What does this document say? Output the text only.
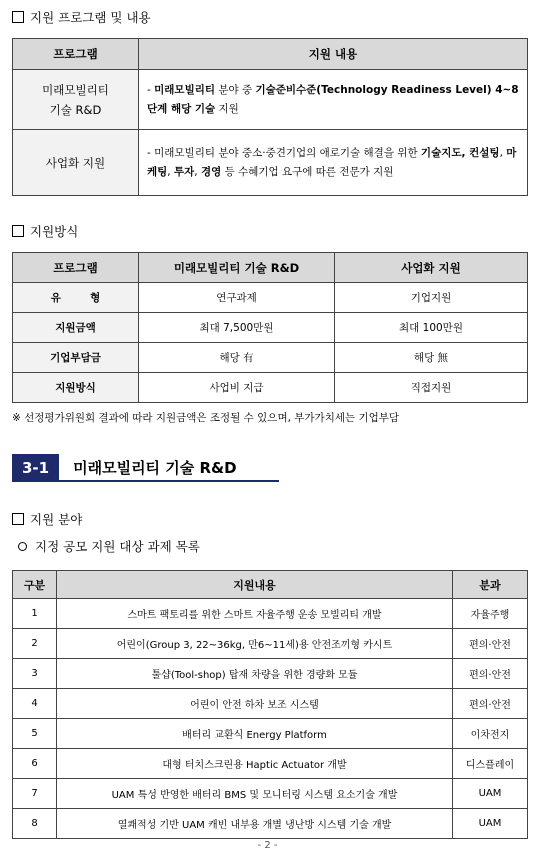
지원 프로그램 및 내용
프로그램	지원 내용

미래모빌리티
기술 R&D	- 미래모빌리티 분야 중 기술준비수준(Technology Readiness Level) 4~8 단계 해당 기술 지원
사업화 지원	- 미래모빌리티 분야 중소·중견기업의 애로기술 해결을 위한 기술지도, 컨설팅, 마케팅, 투자, 경영 등 수혜기업 요구에 따른 전문가 지원
지원방식
프로그램	미래모빌리티 기술 R&D	사업화 지원
유        형	연구과제	기업지원
지원금액	최대 7,500만원	최대 100만원
기업부담금	해당 有	해당 無
지원방식	사업비 지급	직접지원
※ 선정평가위원회 결과에 따라 지원금액은 조정될 수 있으며, 부가가치세는 기업부담
3-1	미래모빌리티 기술 R&D
지원 분야
지정 공모 지원 대상 과제 목록
구분	지원내용	분과
1	스마트 팩토리를 위한 스마트 자율주행 운송 모빌리티 개발	자율주행
2	어린이(Group 3, 22~36kg, 만6~11세)용 안전조끼형 카시트	편의·안전
3	툴샵(Tool-shop) 탑재 차량을 위한 경량화 모듈	편의·안전
4	어린이 안전 하차 보조 시스템	편의·안전
5	배터리 교환식 Energy Platform	이차전지
6	대형 터치스크린용 Haptic Actuator 개발	디스플레이
7	UAM 특성 반영한 배터리 BMS 및 모니터링 시스템 요소기술 개발	UAM
8	열쾌적성 기반 UAM 캐빈 내부용 개별 냉난방 시스템 기술 개발	UAM
- 2 -
